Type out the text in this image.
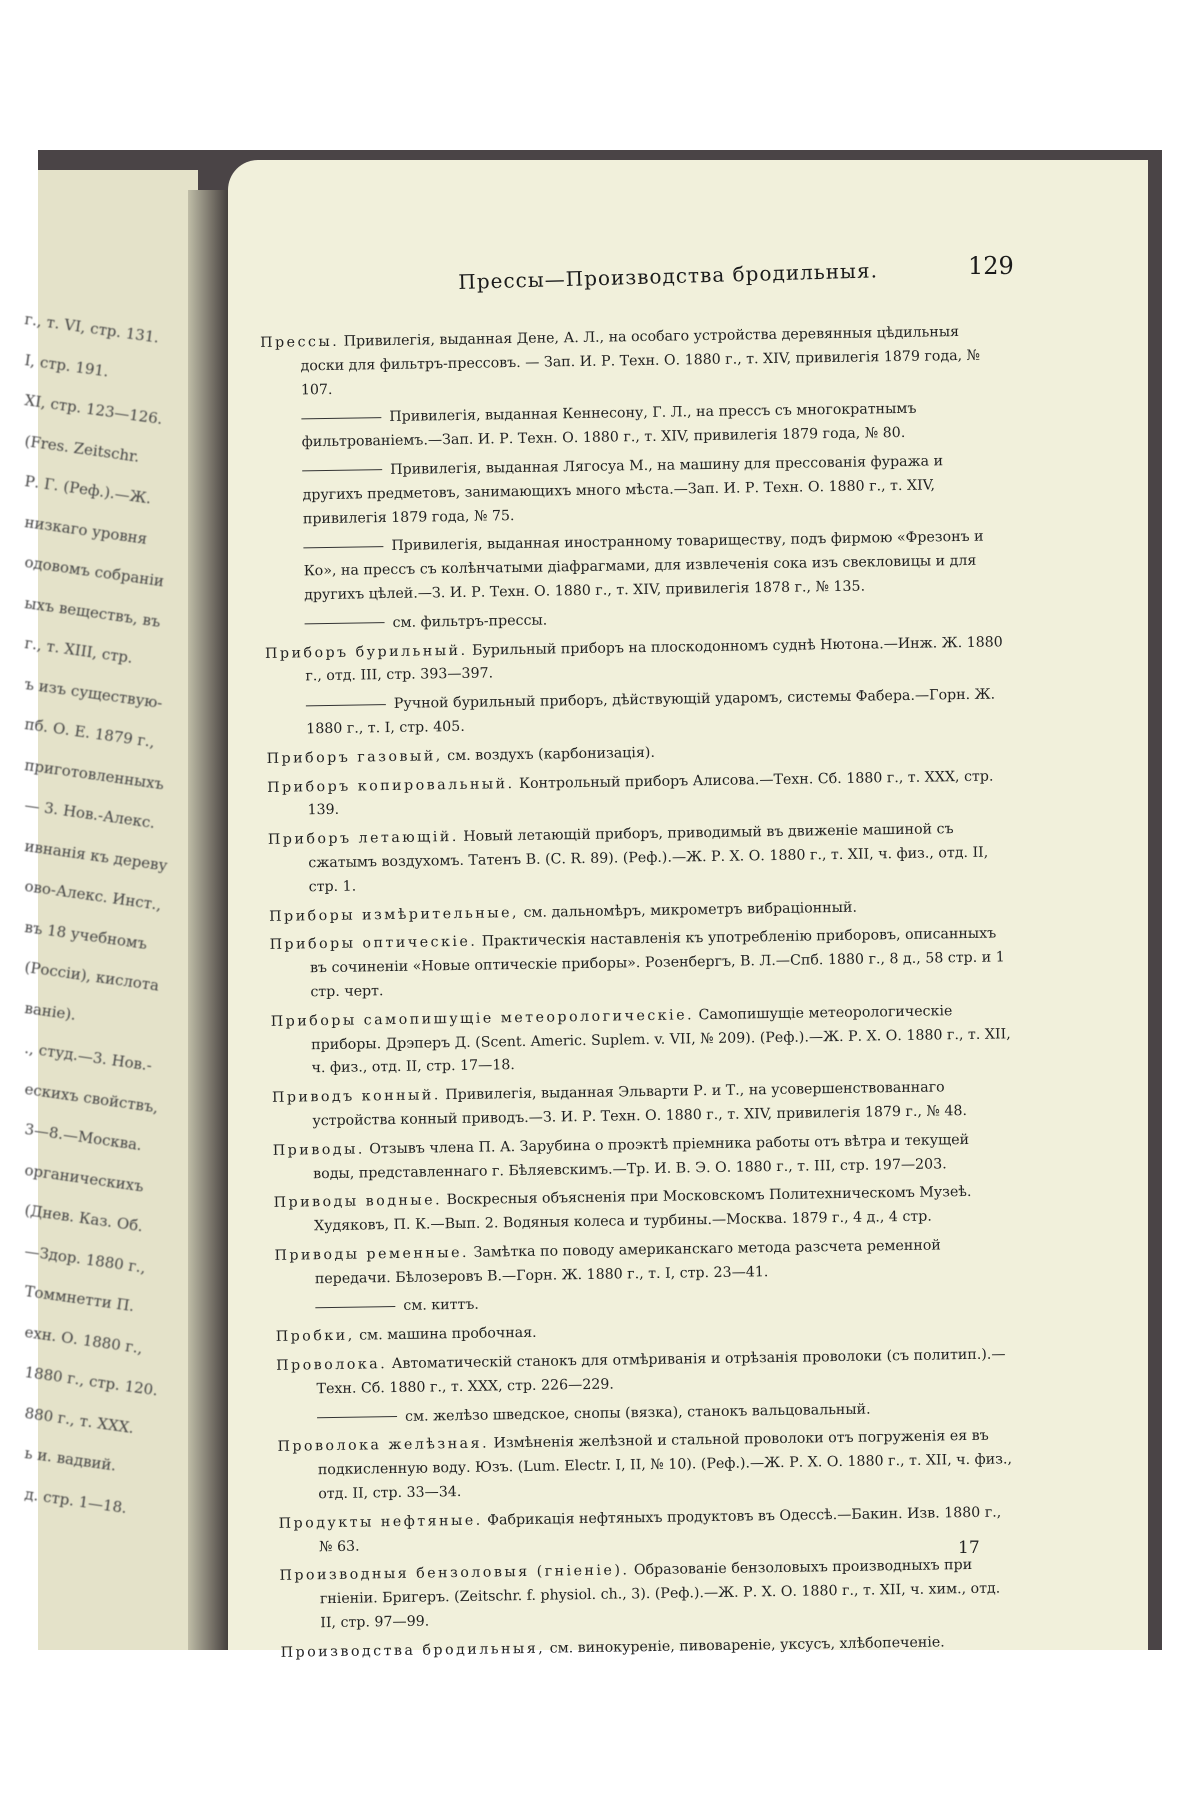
г., т. VI, стр. 131.
I, стр. 191.
XI, стр. 123—126.
(Fres. Zeitschr.
Р. Г. (Реф.).—Ж.
низкаго уровня
одовомъ собраніи
ыхъ веществъ, въ
г., т. XIII, стр.
ъ изъ существую-
пб. О. Е. 1879 г.,
приготовленныхъ
— 3. Нов.-Алекс.
ивнанія къ дереву
ово-Алекс. Инст.,
въ 18 учебномъ
(Россіи), кислота
ваніе).
., студ.—3. Нов.-
ескихъ свойствъ,
3—8.—Москва.
органическихъ
(Днев. Каз. Об.
—Здор. 1880 г.,
Томмнетти П.
ехн. О. 1880 г.,
1880 г., стр. 120.
880 г., т. XXX.
ь и. вадвий.
д. стр. 1—18.
129
Прессы—Производства бродильныя.
Прессы. Привилегія, выданная Дене, А. Л., на особаго устройства деревянныя цѣдильныя доски для фильтръ-прессовъ. — Зап. И. Р. Техн. О. 1880 г., т. XIV, привилегія 1879 года, № 107.
Привилегія, выданная Кеннесону, Г. Л., на прессъ съ многократнымъ фильтрованіемъ.—Зап. И. Р. Техн. О. 1880 г., т. XIV, привилегія 1879 года, № 80.
Привилегія, выданная Лягосуа М., на машину для прессованія фуража и другихъ предметовъ, занимающихъ много мѣста.—Зап. И. Р. Техн. О. 1880 г., т. XIV, привилегія 1879 года, № 75.
Привилегія, выданная иностранному товариществу, подъ фирмою «Фрезонъ и Ко», на прессъ съ колѣнчатыми діафрагмами, для извлеченія сока изъ свекловицы и для другихъ цѣлей.—З. И. Р. Техн. О. 1880 г., т. XIV, привилегія 1878 г., № 135.
см. фильтръ-прессы.
Приборъ бурильный. Бурильный приборъ на плоскодонномъ суднѣ Нютона.—Инж. Ж. 1880 г., отд. III, стр. 393—397.
Ручной бурильный приборъ, дѣйствующій ударомъ, системы Фабера.—Горн. Ж. 1880 г., т. I, стр. 405.
Приборъ газовый, см. воздухъ (карбонизація).
Приборъ копировальный. Контрольный приборъ Алисова.—Техн. Сб. 1880 г., т. XXX, стр. 139.
Приборъ летающій. Новый летающій приборъ, приводимый въ движеніе машиной съ сжатымъ воздухомъ. Татенъ В. (С. R. 89). (Реф.).—Ж. Р. Х. О. 1880 г., т. XII, ч. физ., отд. II, стр. 1.
Приборы измѣрительные, см. дальномѣръ, микрометръ вибраціонный.
Приборы оптическіе. Практическія наставленія къ употребленію приборовъ, описанныхъ въ сочиненіи «Новые оптическіе приборы». Розенбергъ, В. Л.—Спб. 1880 г., 8 д., 58 стр. и 1 стр. черт.
Приборы самопишущіе метеорологическіе. Самопишущіе метеорологическіе приборы. Дрэперъ Д. (Scent. Americ. Suplem. v. VII, № 209). (Реф.).—Ж. Р. Х. О. 1880 г., т. XII, ч. физ., отд. II, стр. 17—18.
Приводъ конный. Привилегія, выданная Эльварти Р. и Т., на усовершенствованнаго устройства конный приводъ.—З. И. Р. Техн. О. 1880 г., т. XIV, привилегія 1879 г., № 48.
Приводы. Отзывъ члена П. А. Зарубина о проэктѣ пріемника работы отъ вѣтра и текущей воды, представленнаго г. Бѣляевскимъ.—Тр. И. В. Э. О. 1880 г., т. III, стр. 197—203.
Приводы водные. Воскресныя объясненія при Московскомъ Политехническомъ Музеѣ. Худяковъ, П. К.—Вып. 2. Водяныя колеса и турбины.—Москва. 1879 г., 4 д., 4 стр.
Приводы ременные. Замѣтка по поводу американскаго метода разсчета ременной передачи. Бѣлозеровъ В.—Горн. Ж. 1880 г., т. I, стр. 23—41.
см. киттъ.
Пробки, см. машина пробочная.
Проволока. Автоматическій станокъ для отмѣриванія и отрѣзанія проволоки (съ политип.).—Техн. Сб. 1880 г., т. XXX, стр. 226—229.
см. желѣзо шведское, снопы (вязка), станокъ вальцовальный.
Проволока желѣзная. Измѣненія желѣзной и стальной проволоки отъ погруженія ея въ подкисленную воду. Юзъ. (Lum. Electr. I, II, № 10). (Реф.).—Ж. Р. Х. О. 1880 г., т. XII, ч. физ., отд. II, стр. 33—34.
Продукты нефтяные. Фабрикація нефтяныхъ продуктовъ въ Одессѣ.—Бакин. Изв. 1880 г., № 63.
Производныя бензоловыя (гніеніе). Образованіе бензоловыхъ производныхъ при гніеніи. Бригеръ. (Zeitschr. f. physiol. ch., 3). (Реф.).—Ж. Р. Х. О. 1880 г., т. XII, ч. хим., отд. II, стр. 97—99.
Производства бродильныя, см. винокуреніе, пивовареніе, уксусъ, хлѣбопеченіе.
17
